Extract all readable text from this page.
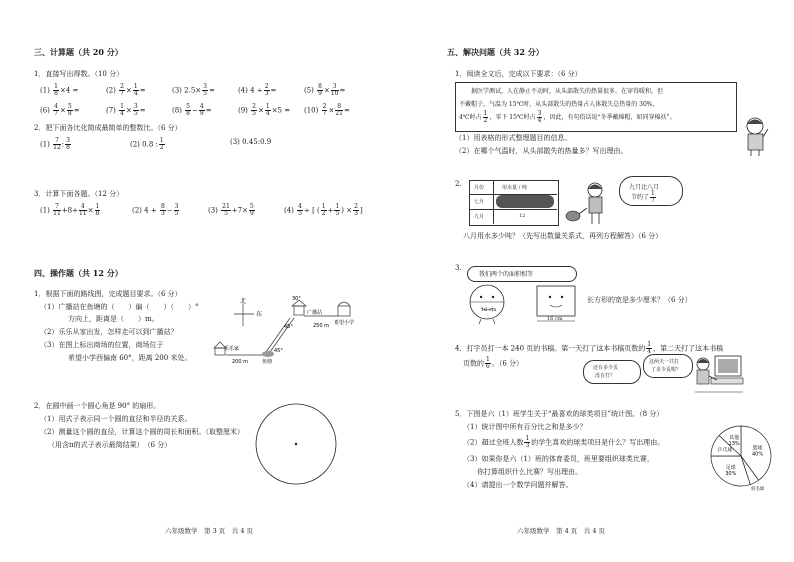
三、计算题（共 20 分）
1．直接写出得数。（10 分）
$(1) \frac{1}{8} \times 4$ =	$(2) \frac{2}{7} \times \frac{1}{4}$ =	(3) $2.5\times \frac{3}{5}$ =	(4) $4 \div \frac{2}{3}$ =	$(5) \frac{8}{9} \times \frac{3}{10}$ =
$(6) \frac{4}{7} \times \frac{5}{8}$ =	$(7) \frac{1}{4} \times \frac{3}{5}$ =	$(8) \frac{5}{8} - \frac{4}{9}$ =	$(9) \frac{2}{5} \times \frac{1}{4} \times 5 = (10) \frac{2}{7} \times \frac{8}{21}$ =
2．把下面各比化简成最简单的整数比。（6 分）
$(1) \frac{7}{12}$ : $\frac{3}{8}$	(2) 0.8 : $\frac{1}{2}$	(3) 0.45:0.9
3．计算下面各题。（12 分）
$(1) \frac{7}{11} +8+ \frac{4}{11} \times \frac{1}{8}$	(2) $4 + \frac{8}{3} - \frac{3}{5}$	$(3) \frac{21}{5} +7\times \frac{5}{9}$	$(4) \frac{4}{5}$ ÷ [ ( $\frac{1}{2} + \frac{1}{5}$ ) × $\frac{2}{3}$ ]
四、操作题（共 12 分）
1．根据下面的路线图，完成题目要求。（6 分）
（1）广播站在鱼塘的（　　）偏（　　）（　　）°
方向上，距离是（　　）m。
（2）乐乐从家出发，怎样走可以到广播站？
（3）在图上标出商场的位置，商场位于
希望小学西偏南 60°，距离 200 米处。
北
东	广播站
30°
希望小学
250 m
45°
乐乐家
200 m	鱼塘
45°
2．在圆中画一个圆心角是 90° 的扇形。
（1）用式子表示同一个圆的直径和半径的关系。
（2）测量这个圆的直径，计算这个圆的周长和面积。（取整厘米）
（用含π的式子表示最简结果）　（6 分）
六年级数学　第 3 页　共 4 页
五、解决问题（共 32 分）
1．阅读全文后，完成以下要求：（6 分）
据医学测试，人在静止不动时，从头部散失的热量很多。在穿得暖和，但
不戴帽子，气温为 15℃时，从头部散失的热量占人体散失总热量的 30%，
4℃时占 $\frac{1}{2}$ ，零下 15℃时占 $\frac{3}{4}$ ，因此，有句俗话说“冬季戴棉帽，如同穿棉袄”。
（1）用表格的形式整理题目的信息。
（2）在哪个气温时，从头部散失的热量多？写出理由。
2. 月份	用水量 / 吨
七月
九月	12
九月比八月
节约了 $\frac{1}{7}$
八月用水多少吨？（先写出数量关系式，再列方程解答）（6 分）
3.
我们两个的面积相等
16 cm
16 cm
长方形的宽是多少厘米？（6 分）
4．打字员打一本 240 页的书稿。第一天打了这本书稿页数的 $\frac{1}{4}$ ，第二天打了这本书稿
页数的 $\frac{1}{6}$ 。（6 分）
还有多少页
没有打？
这两天一共打
了多少页呢？
5．下图是六（1）班学生关于“最喜欢的球类项目”统计图。（8 分）
（1）统计图中所有百分比之和是多少？
（2）超过全班人数 $\frac{1}{3}$ 的学生喜欢的球类项目是什么？写出理由。
（3）如果你是六（1）班的体育委员，班里要组织球类比赛，
你打算组织什么比赛？写出理由。
（4）请提出一个数学问题并解答。
篮球
40%
羽毛球
足球
30%
乒乓球
其他
13%
六年级数学　第 4 页　共 4 页
